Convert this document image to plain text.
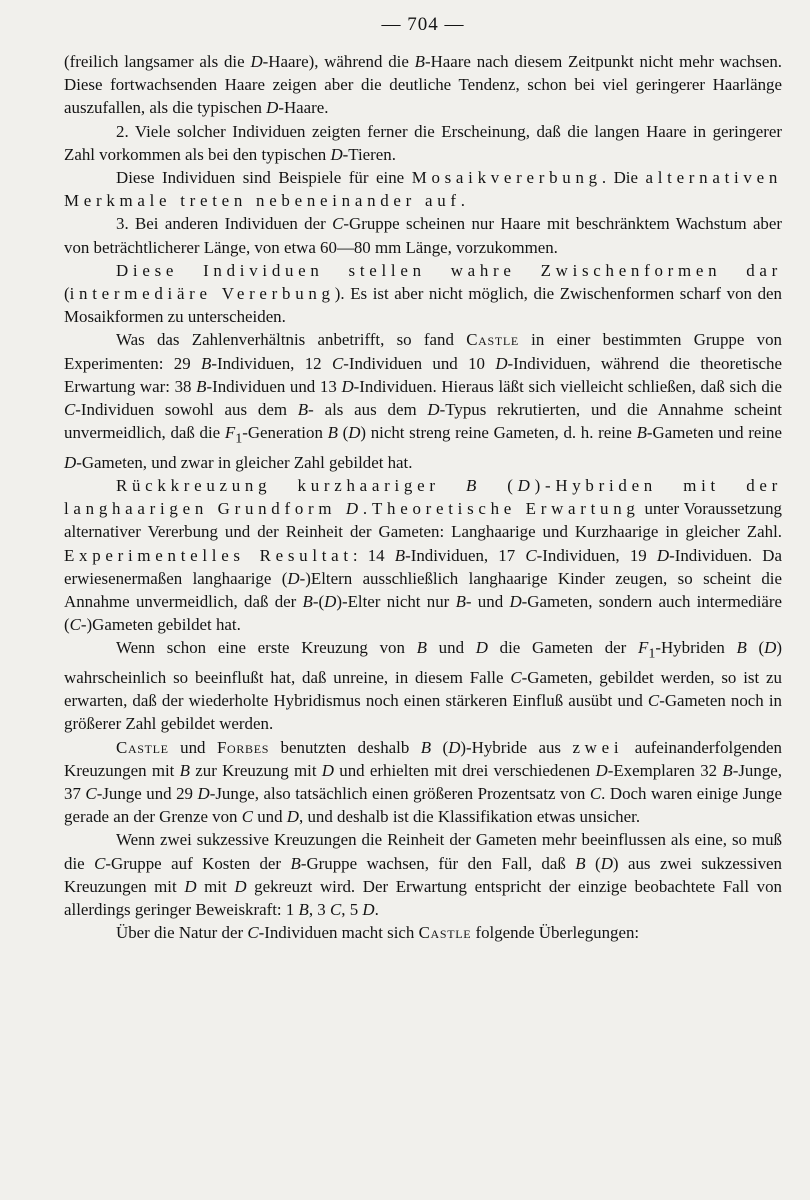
— 704 —

(freilich langsamer als die D-Haare), während die B-Haare nach diesem Zeitpunkt nicht mehr wachsen. Diese fortwachsenden Haare zeigen aber die deutliche Tendenz, schon bei viel geringerer Haarlänge auszufallen, als die typischen D-Haare.

2. Viele solcher Individuen zeigten ferner die Erscheinung, daß die langen Haare in geringerer Zahl vorkommen als bei den typischen D-Tieren.

Diese Individuen sind Beispiele für eine Mosaikvererbung. Die alternativen Merkmale treten nebeneinander auf.

3. Bei anderen Individuen der C-Gruppe scheinen nur Haare mit beschränktem Wachstum aber von beträchtlicherer Länge, von etwa 60—80 mm Länge, vorzukommen.

Diese Individuen stellen wahre Zwischenformen dar (intermediäre Vererbung). Es ist aber nicht möglich, die Zwischenformen scharf von den Mosaikformen zu unterscheiden.

Was das Zahlenverhältnis anbetrifft, so fand Castle in einer bestimmten Gruppe von Experimenten: 29 B-Individuen, 12 C-Individuen und 10 D-Individuen, während die theoretische Erwartung war: 38 B-Individuen und 13 D-Individuen. Hieraus läßt sich vielleicht schließen, daß sich die C-Individuen sowohl aus dem B- als aus dem D-Typus rekrutierten, und die Annahme scheint unvermeidlich, daß die $F_1$-Generation B (D) nicht streng reine Gameten, d. h. reine B-Gameten und reine D-Gameten, und zwar in gleicher Zahl gebildet hat.

Rückkreuzung kurzhaariger B (D)-Hybriden mit der langhaarigen Grundform D. Theoretische Erwartung unter Voraussetzung alternativer Vererbung und der Reinheit der Gameten: Langhaarige und Kurzhaarige in gleicher Zahl. Experimentelles Resultat: 14 B-Individuen, 17 C-Individuen, 19 D-Individuen. Da erwiesenermaßen langhaarige (D-)Eltern ausschließlich langhaarige Kinder zeugen, so scheint die Annahme unvermeidlich, daß der B-(D)-Elter nicht nur B- und D-Gameten, sondern auch intermediäre (C-)Gameten gebildet hat.

Wenn schon eine erste Kreuzung von B und D die Gameten der $F_1$-Hybriden B (D) wahrscheinlich so beeinflußt hat, daß unreine, in diesem Falle C-Gameten, gebildet werden, so ist zu erwarten, daß der wiederholte Hybridismus noch einen stärkeren Einfluß ausübt und C-Gameten noch in größerer Zahl gebildet werden.

Castle und Forbes benutzten deshalb B (D)-Hybride aus zwei aufeinanderfolgenden Kreuzungen mit B zur Kreuzung mit D und erhielten mit drei verschiedenen D-Exemplaren 32 B-Junge, 37 C-Junge und 29 D-Junge, also tatsächlich einen größeren Prozentsatz von C. Doch waren einige Junge gerade an der Grenze von C und D, und deshalb ist die Klassifikation etwas unsicher.

Wenn zwei sukzessive Kreuzungen die Reinheit der Gameten mehr beeinflussen als eine, so muß die C-Gruppe auf Kosten der B-Gruppe wachsen, für den Fall, daß B (D) aus zwei sukzessiven Kreuzungen mit D mit D gekreuzt wird. Der Erwartung entspricht der einzige beobachtete Fall von allerdings geringer Beweiskraft: 1 B, 3 C, 5 D.

Über die Natur der C-Individuen macht sich Castle folgende Überlegungen:
